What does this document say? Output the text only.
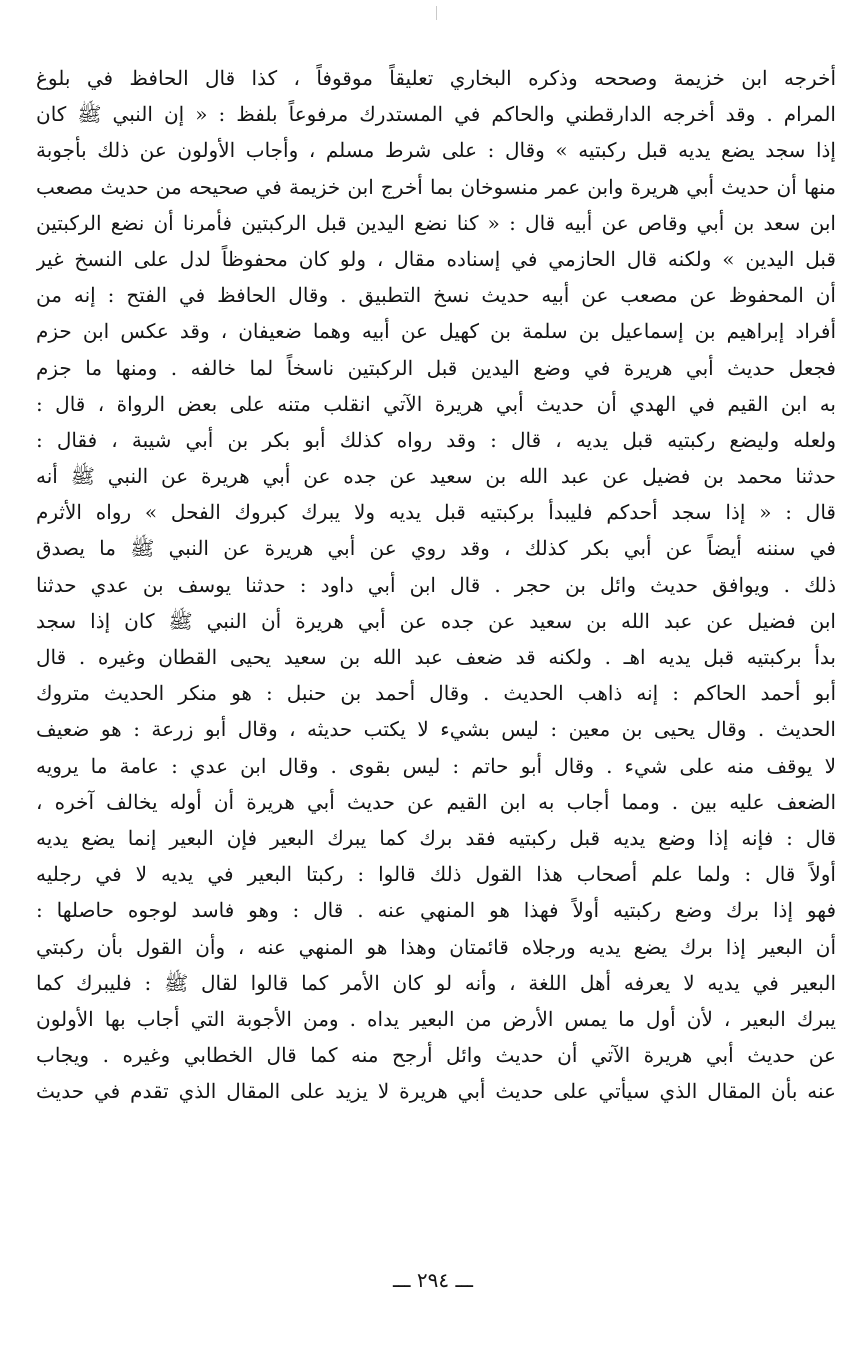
أخرجه ابن خزيمة وصححه وذكره البخاري تعليقاً موقوفاً ، كذا قال الحافظ في بلوغ
المرام . وقد أخرجه الدارقطني والحاكم في المستدرك مرفوعاً بلفظ : « إن النبي ﷺ كان
إذا سجد يضع يديه قبل ركبتيه » وقال : على شرط مسلم ، وأجاب الأولون عن ذلك بأجوبة
منها أن حديث أبي هريرة وابن عمر منسوخان بما أخرج ابن خزيمة في صحيحه من حديث مصعب
ابن سعد بن أبي وقاص عن أبيه قال : « كنا نضع اليدين قبل الركبتين فأمرنا أن نضع الركبتين
قبل اليدين » ولكنه قال الحازمي في إسناده مقال ، ولو كان محفوظاً لدل على النسخ غير
أن المحفوظ عن مصعب عن أبيه حديث نسخ التطبيق . وقال الحافظ في الفتح : إنه من
أفراد إبراهيم بن إسماعيل بن سلمة بن كهيل عن أبيه وهما ضعيفان ، وقد عكس ابن حزم
فجعل حديث أبي هريرة في وضع اليدين قبل الركبتين ناسخاً لما خالفه . ومنها ما جزم
به ابن القيم في الهدي أن حديث أبي هريرة الآتي انقلب متنه على بعض الرواة ، قال :
ولعله وليضع ركبتيه قبل يديه ، قال : وقد رواه كذلك أبو بكر بن أبي شيبة ، فقال :
حدثنا محمد بن فضيل عن عبد الله بن سعيد عن جده عن أبي هريرة عن النبي ﷺ أنه
قال : « إذا سجد أحدكم فليبدأ بركبتيه قبل يديه ولا يبرك كبروك الفحل » رواه الأثرم
في سننه أيضاً عن أبي بكر كذلك ، وقد روي عن أبي هريرة عن النبي ﷺ ما يصدق
ذلك . ويوافق حديث وائل بن حجر . قال ابن أبي داود : حدثنا يوسف بن عدي حدثنا
ابن فضيل عن عبد الله بن سعيد عن جده عن أبي هريرة أن النبي ﷺ كان إذا سجد
بدأ بركبتيه قبل يديه اهـ . ولكنه قد ضعف عبد الله بن سعيد يحيى القطان وغيره . قال
أبو أحمد الحاكم : إنه ذاهب الحديث . وقال أحمد بن حنبل : هو منكر الحديث متروك
الحديث . وقال يحيى بن معين : ليس بشيء لا يكتب حديثه ، وقال أبو زرعة : هو ضعيف
لا يوقف منه على شيء . وقال أبو حاتم : ليس بقوى . وقال ابن عدي : عامة ما يرويه
الضعف عليه بين . ومما أجاب به ابن القيم عن حديث أبي هريرة أن أوله يخالف آخره ،
قال : فإنه إذا وضع يديه قبل ركبتيه فقد برك كما يبرك البعير فإن البعير إنما يضع يديه
أولاً قال : ولما علم أصحاب هذا القول ذلك قالوا : ركبتا البعير في يديه لا في رجليه
فهو إذا برك وضع ركبتيه أولاً فهذا هو المنهي عنه . قال : وهو فاسد لوجوه حاصلها :
أن البعير إذا برك يضع يديه ورجلاه قائمتان وهذا هو المنهي عنه ، وأن القول بأن ركبتي
البعير في يديه لا يعرفه أهل اللغة ، وأنه لو كان الأمر كما قالوا لقال ﷺ : فليبرك كما
يبرك البعير ، لأن أول ما يمس الأرض من البعير يداه . ومن الأجوبة التي أجاب بها الأولون
عن حديث أبي هريرة الآتي أن حديث وائل أرجح منه كما قال الخطابي وغيره . ويجاب
عنه بأن المقال الذي سيأتي على حديث أبي هريرة لا يزيد على المقال الذي تقدم في حديث
ـــ ٢٩٤ ـــ
